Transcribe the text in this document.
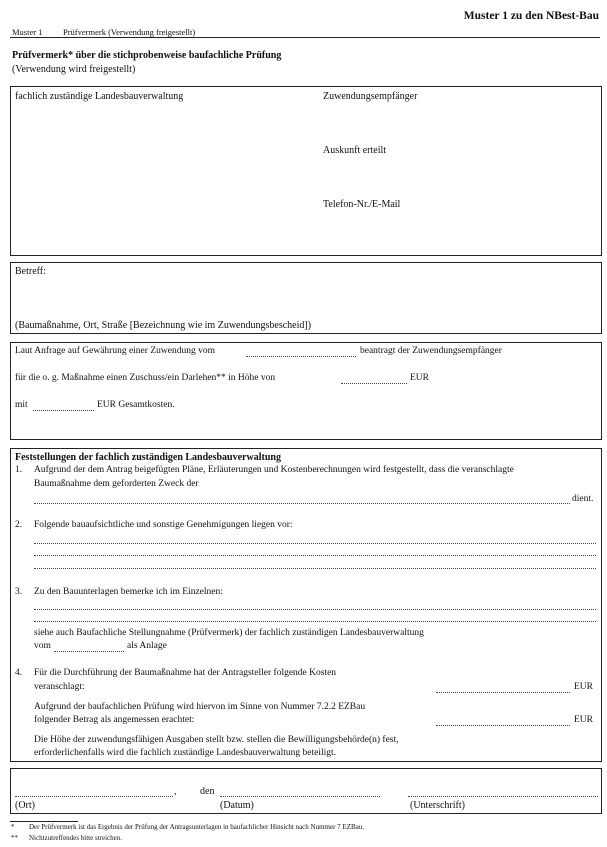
Muster 1 Prüfvermerk (Verwendung freigestellt)
Muster 1 zu den NBest-Bau
Prüfvermerk* über die stichprobenweise baufachliche Prüfung
(Verwendung wird freigestellt)
fachlich zuständige Landesbauverwaltung	Zuwendungsempfänger
Auskunft erteilt
Telefon-Nr./E-Mail
Betreff:
(Baumaßnahme, Ort, Straße [Bezeichnung wie im Zuwendungsbescheid])
Laut Anfrage auf Gewährung einer Zuwendung vom	beantragt der Zuwendungsempfänger
für die o. g. Maßnahme einen Zuschuss/ein Darlehen** in Höhe von	EUR
mit	EUR Gesamtkosten.
Feststellungen der fachlich zuständigen Landesbauverwaltung
1. Aufgrund der dem Antrag beigefügten Pläne, Erläuterungen und Kostenberechnungen wird festgestellt, dass die veranschlagte
Baumaßnahme dem geforderten Zweck der
dient.
2. Folgende bauaufsichtliche und sonstige Genehmigungen liegen vor:
3. Zu den Bauunterlagen bemerke ich im Einzelnen:
siehe auch Baufachliche Stellungnahme (Prüfvermerk) der fachlich zuständigen Landesbauverwaltung
vom	als Anlage
4. Für die Durchführung der Baumaßnahme hat der Antragsteller folgende Kosten
veranschlagt:	EUR
Aufgrund der baufachlichen Prüfung wird hiervon im Sinne von Nummer 7.2.2 EZBau
folgender Betrag als angemessen erachtet:	EUR
Die Höhe der zuwendungsfähigen Ausgaben stellt bzw. stellen die Bewilligungsbehörde(n) fest,
erforderlichenfalls wird die fachlich zuständige Landesbauverwaltung beteiligt.
, den
(Ort)	(Datum)	(Unterschrift)
* Der Prüfvermerk ist das Ergebnis der Prüfung der Antragsunterlagen in baufachlicher Hinsicht nach Nummer 7 EZBau.
** Nichtzutreffendes bitte streichen.
